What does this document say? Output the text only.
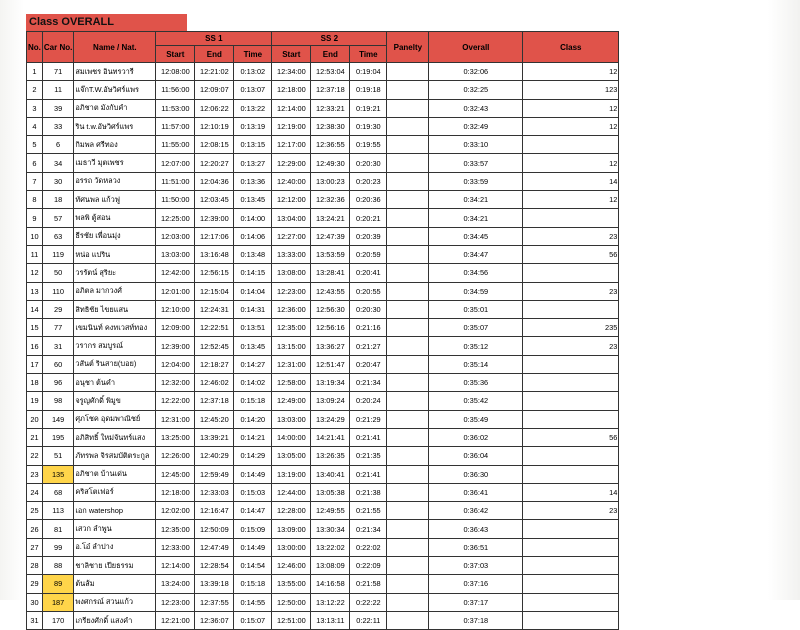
Class OVERALL
No.	Car No.	Name / Nat.	SS 1			SS 2			Panelty	Overall	Class
			Start	End	Time	Start	End	Time			
1	71	สมเพชร อินทรวารี	12:08:00	12:21:02	0:13:02	12:34:00	12:53:04	0:19:04		0:32:06	12
2	11	แจ๊กT.W.อัษวิศร์แพร	11:56:00	12:09:07	0:13:07	12:18:00	12:37:18	0:19:18		0:32:25	123
3	39	อภิชาต มังกับคำ	11:53:00	12:06:22	0:13:22	12:14:00	12:33:21	0:19:21		0:32:43	12
4	33	ริน t.w.อัษวิศร์แพร	11:57:00	12:10:19	0:13:19	12:19:00	12:38:30	0:19:30		0:32:49	12
5	6	กิมพล ศรีทอง	11:55:00	12:08:15	0:13:15	12:17:00	12:36:55	0:19:55		0:33:10	
6	34	เมธาวี มุตเพชร	12:07:00	12:20:27	0:13:27	12:29:00	12:49:30	0:20:30		0:33:57	12
7	30	อรรถ วัดหลวง	11:51:00	12:04:36	0:13:36	12:40:00	13:00:23	0:20:23		0:33:59	14
8	18	ทัศนพล แก้วฟู	11:50:00	12:03:45	0:13:45	12:12:00	12:32:36	0:20:36		0:34:21	12
9	57	พลพิ ตู้สอน	12:25:00	12:39:00	0:14:00	13:04:00	13:24:21	0:20:21		0:34:21	
10	63	ธีรชัย เพื่อนมุ่ง	12:03:00	12:17:06	0:14:06	12:27:00	12:47:39	0:20:39		0:34:45	23
11	119	หน่อ แปริน	13:03:00	13:16:48	0:13:48	13:33:00	13:53:59	0:20:59		0:34:47	56
12	50	วรรัตน์ สุริยะ	12:42:00	12:56:15	0:14:15	13:08:00	13:28:41	0:20:41		0:34:56	
13	110	อภิตล มากวงศ์	12:01:00	12:15:04	0:14:04	12:23:00	12:43:55	0:20:55		0:34:59	23
14	29	สิทธิชัย ไขยแสน	12:10:00	12:24:31	0:14:31	12:36:00	12:56:30	0:20:30		0:35:01	
15	77	เขมนินท์ คงทเวสท์ทอง	12:09:00	12:22:51	0:13:51	12:35:00	12:56:16	0:21:16		0:35:07	235
16	31	วรากร สมบูรณ์	12:39:00	12:52:45	0:13:45	13:15:00	13:36:27	0:21:27		0:35:12	23
17	60	วสันต์ รินสาย(บอย)	12:04:00	12:18:27	0:14:27	12:31:00	12:51:47	0:20:47		0:35:14	
18	96	อนุชา ต้นคำ	12:32:00	12:46:02	0:14:02	12:58:00	13:19:34	0:21:34		0:35:36	
19	98	จรูญศักดิ์ พิมูข	12:22:00	12:37:18	0:15:18	12:49:00	13:09:24	0:20:24		0:35:42	
20	149	ศุภโชค อุดมพาณิชย์	12:31:00	12:45:20	0:14:20	13:03:00	13:24:29	0:21:29		0:35:49	
21	195	อภิสิทธิ์ ใหม่จันทร์แสง	13:25:00	13:39:21	0:14:21	14:00:00	14:21:41	0:21:41		0:36:02	56
22	51	ภัทรพล จิรสมบัติตระกูล	12:26:00	12:40:29	0:14:29	13:05:00	13:26:35	0:21:35		0:36:04	
23	135	อภิชาต บ้านเด่น	12:45:00	12:59:49	0:14:49	13:19:00	13:40:41	0:21:41		0:36:30	
24	68	คริสโตเฟอร์	12:18:00	12:33:03	0:15:03	12:44:00	13:05:38	0:21:38		0:36:41	14
25	113	เอก watershop	12:02:00	12:16:47	0:14:47	12:28:00	12:49:55	0:21:55		0:36:42	23
26	81	เสวก ลำพูน	12:35:00	12:50:09	0:15:09	13:09:00	13:30:34	0:21:34		0:36:43	
27	99	อ.โอ๋ ลำปาง	12:33:00	12:47:49	0:14:49	13:00:00	13:22:02	0:22:02		0:36:51	
28	88	ชาลิชาย เปียธรรม	12:14:00	12:28:54	0:14:54	12:46:00	13:08:09	0:22:09		0:37:03	
29	89	ต้นส้ม	13:24:00	13:39:18	0:15:18	13:55:00	14:16:58	0:21:58		0:37:16	
30	187	พงศกรณ์ สวนแก้ว	12:23:00	12:37:55	0:14:55	12:50:00	13:12:22	0:22:22		0:37:17	
31	170	เกรียงศักดิ์ แสงคำ	12:21:00	12:36:07	0:15:07	12:51:00	13:13:11	0:22:11		0:37:18	
